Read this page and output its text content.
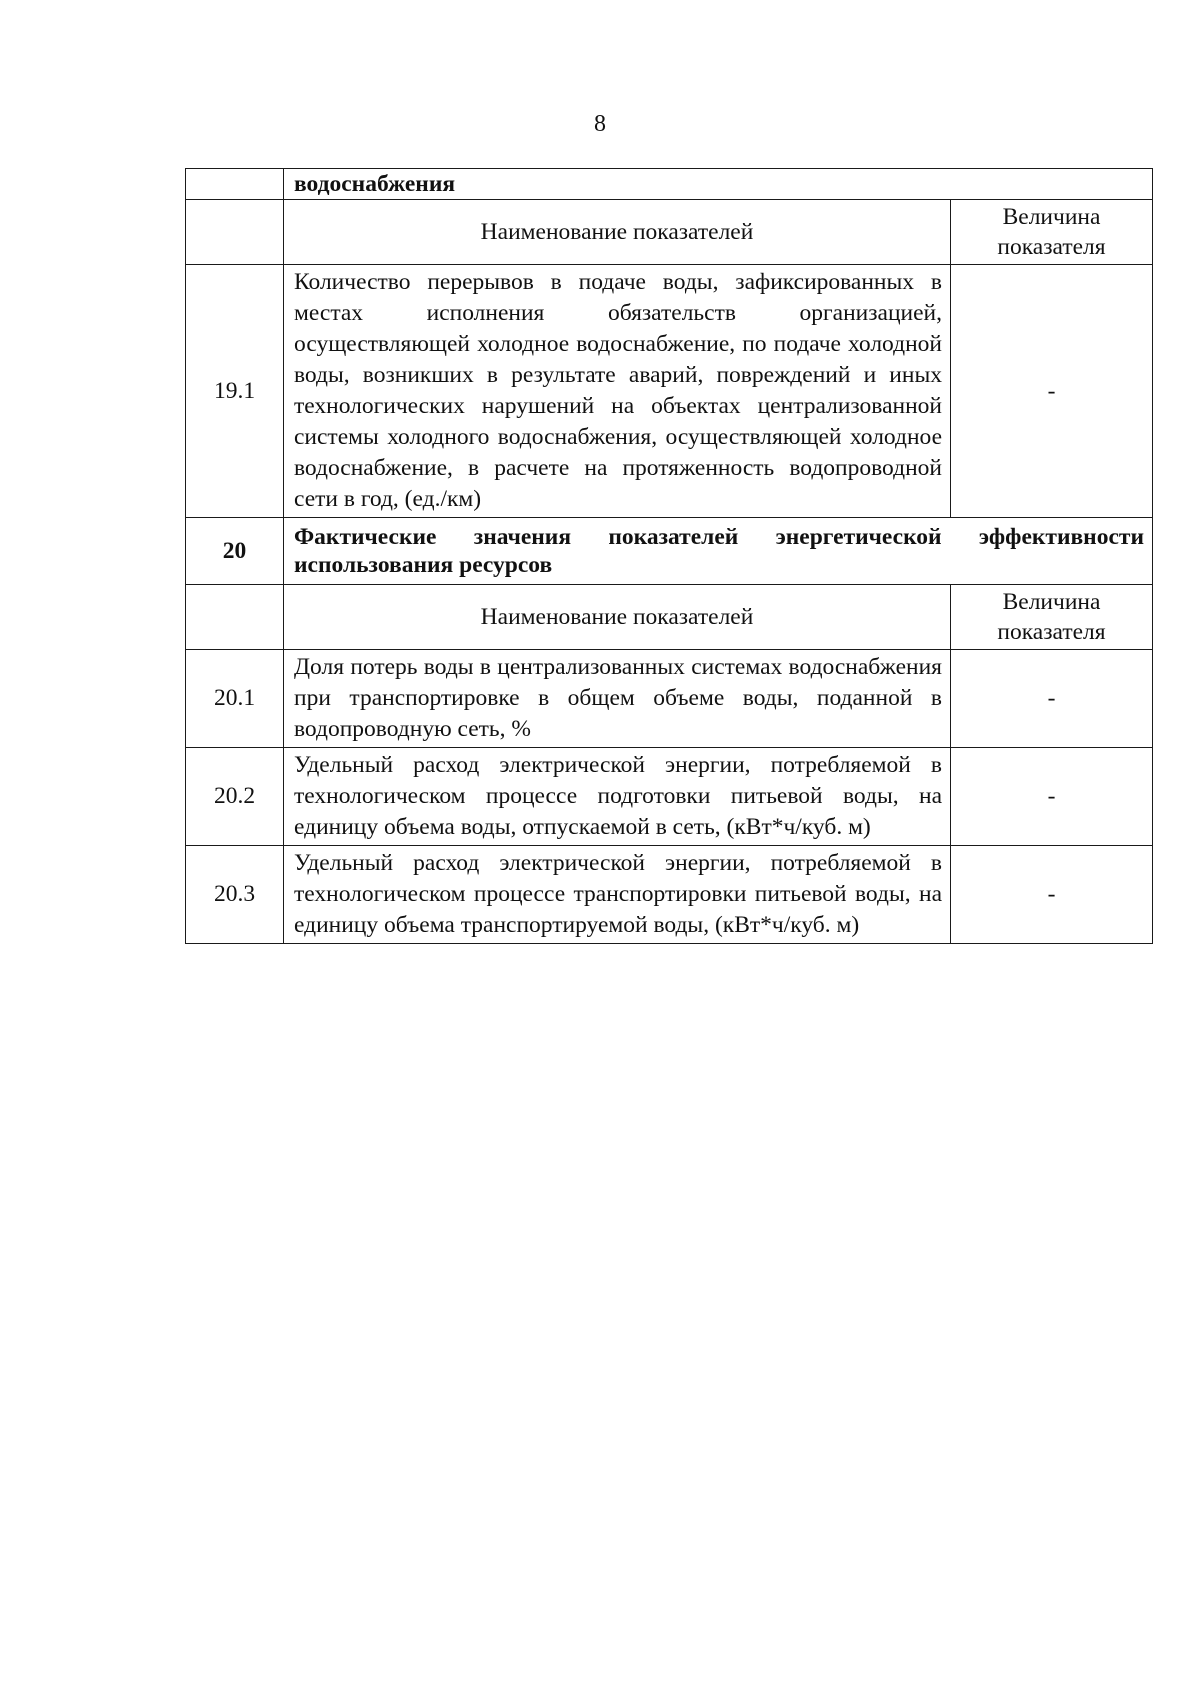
8
	водоснабжения	
	Наименование показателей	Величина показателя
19.1	Количество перерывов в подаче воды, зафиксированных в местах исполнения обязательств организацией, осуществляющей холодное водоснабжение, по подаче холодной воды, возникших в результате аварий, повреждений и иных технологических нарушений на объектах централизованной системы холодного водоснабжения, осуществляющей холодное водоснабжение, в расчете на протяженность водопроводной сети в год, (ед./км)	-
20	Фактические значения показателей энергетической эффективности использования ресурсов	
	Наименование показателей	Величина показателя
20.1	Доля потерь воды в централизованных системах водоснабжения при транспортировке в общем объеме воды, поданной в водопроводную сеть, %	-
20.2	Удельный расход электрической энергии, потребляемой в технологическом процессе подготовки питьевой воды, на единицу объема воды, отпускаемой в сеть, (кВт*ч/куб. м)	-
20.3	Удельный расход электрической энергии, потребляемой в технологическом процессе транспортировки питьевой воды, на единицу объема транспортируемой воды, (кВт*ч/куб. м)	-
